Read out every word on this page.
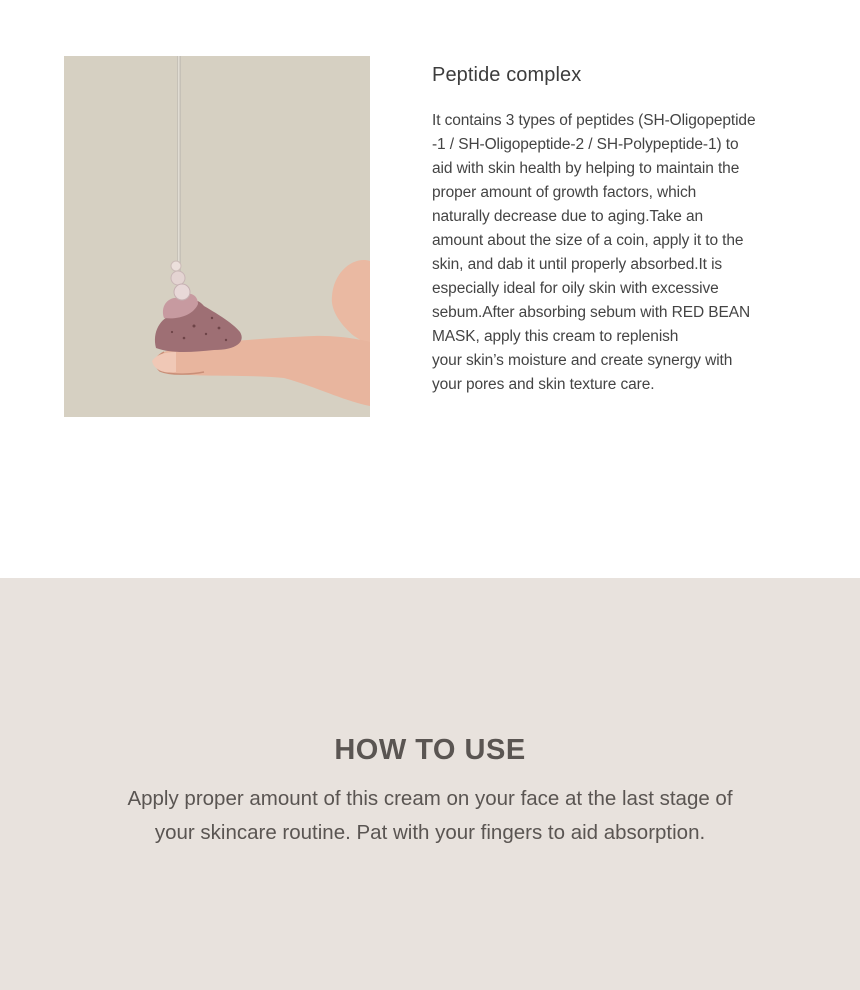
Peptide complex

It contains 3 types of peptides (SH-Oligopeptide
-1 / SH-Oligopeptide-2 / SH-Polypeptide-1) to
aid with skin health by helping to maintain the
proper amount of growth factors, which
naturally decrease due to aging.Take an
amount about the size of a coin, apply it to the
skin, and dab it until properly absorbed.It is
especially ideal for oily skin with excessive
sebum.After absorbing sebum with RED BEAN
MASK, apply this cream to replenish
your skin’s moisture and create synergy with
your pores and skin texture care.

HOW TO USE
Apply proper amount of this cream on your face at the last stage of
your skincare routine. Pat with your fingers to aid absorption.
